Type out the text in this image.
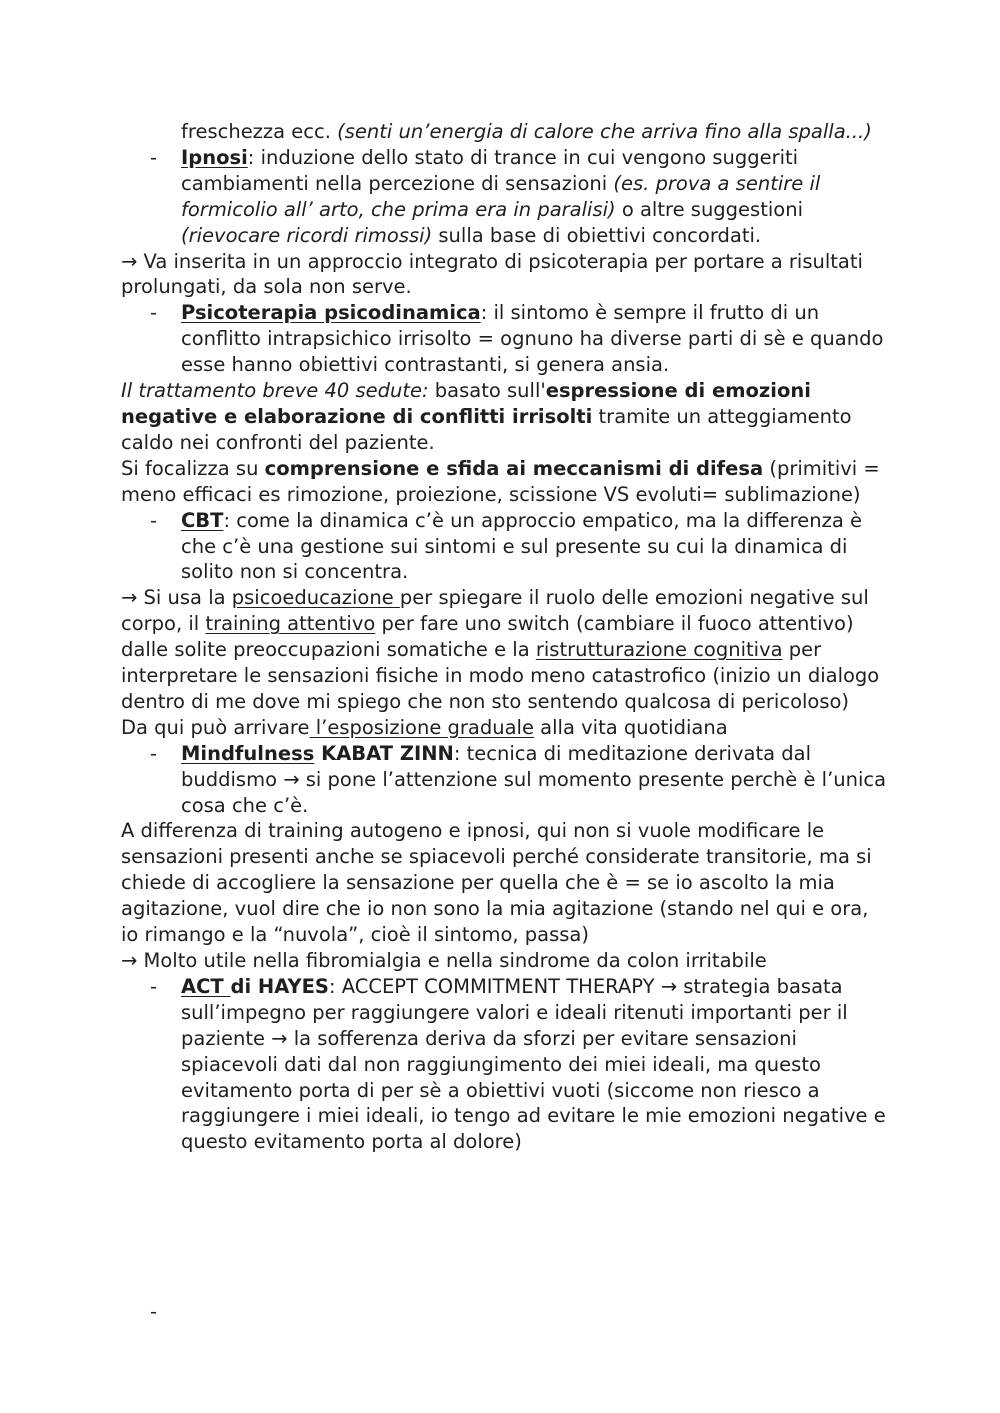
freschezza ecc. (senti un’energia di calore che arriva fino alla spalla...)

- Ipnosi: induzione dello stato di trance in cui vengono suggeriti cambiamenti nella percezione di sensazioni (es. prova a sentire il formicolio all’ arto, che prima era in paralisi) o altre suggestioni (rievocare ricordi rimossi) sulla base di obiettivi concordati.

→ Va inserita in un approccio integrato di psicoterapia per portare a risultati prolungati, da sola non serve.

- Psicoterapia psicodinamica: il sintomo è sempre il frutto di un conflitto intrapsichico irrisolto = ognuno ha diverse parti di sè e quando esse hanno obiettivi contrastanti, si genera ansia.

Il trattamento breve 40 sedute: basato sull'espressione di emozioni negative e elaborazione di conflitti irrisolti tramite un atteggiamento caldo nei confronti del paziente.

Si focalizza su comprensione e sfida ai meccanismi di difesa (primitivi = meno efficaci es rimozione, proiezione, scissione VS evoluti= sublimazione)

- CBT: come la dinamica c’è un approccio empatico, ma la differenza è che c’è una gestione sui sintomi e sul presente su cui la dinamica di solito non si concentra.

→ Si usa la psicoeducazione per spiegare il ruolo delle emozioni negative sul corpo, il training attentivo per fare uno switch (cambiare il fuoco attentivo) dalle solite preoccupazioni somatiche e la ristrutturazione cognitiva per interpretare le sensazioni fisiche in modo meno catastrofico (inizio un dialogo dentro di me dove mi spiego che non sto sentendo qualcosa di pericoloso)

Da qui può arrivare l’esposizione graduale alla vita quotidiana

- Mindfulness KABAT ZINN: tecnica di meditazione derivata dal buddismo → si pone l’attenzione sul momento presente perchè è l’unica cosa che c’è.

A differenza di training autogeno e ipnosi, qui non si vuole modificare le sensazioni presenti anche se spiacevoli perché considerate transitorie, ma si chiede di accogliere la sensazione per quella che è = se io ascolto la mia agitazione, vuol dire che io non sono la mia agitazione (stando nel qui e ora, io rimango e la “nuvola”, cioè il sintomo, passa)

→ Molto utile nella fibromialgia e nella sindrome da colon irritabile

- ACT di HAYES: ACCEPT COMMITMENT THERAPY → strategia basata sull’impegno per raggiungere valori e ideali ritenuti importanti per il paziente → la sofferenza deriva da sforzi per evitare sensazioni spiacevoli dati dal non raggiungimento dei miei ideali, ma questo evitamento porta di per sè a obiettivi vuoti (siccome non riesco a raggiungere i miei ideali, io tengo ad evitare le mie emozioni negative e questo evitamento porta al dolore)

-
